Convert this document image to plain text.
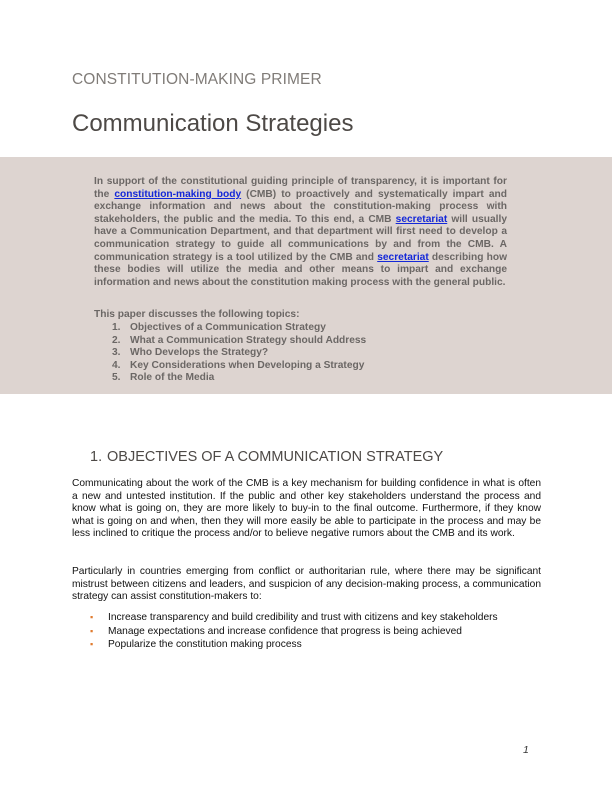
CONSTITUTION-MAKING PRIMER
Communication Strategies

In support of the constitutional guiding principle of transparency, it is important for the constitution-making body (CMB) to proactively and systematically impart and exchange information and news about the constitution-making process with stakeholders, the public and the media. To this end, a CMB secretariat will usually have a Communication Department, and that department will first need to develop a communication strategy to guide all communications by and from the CMB. A communication strategy is a tool utilized by the CMB and secretariat describing how these bodies will utilize the media and other means to impart and exchange information and news about the constitution making process with the general public.

This paper discusses the following topics:
1. Objectives of a Communication Strategy
2. What a Communication Strategy should Address
3. Who Develops the Strategy?
4. Key Considerations when Developing a Strategy
5. Role of the Media
1. OBJECTIVES OF A COMMUNICATION STRATEGY

Communicating about the work of the CMB is a key mechanism for building confidence in what is often a new and untested institution. If the public and other key stakeholders understand the process and know what is going on, they are more likely to buy-in to the final outcome. Furthermore, if they know what is going on and when, then they will more easily be able to participate in the process and may be less inclined to critique the process and/or to believe negative rumors about the CMB and its work.

Particularly in countries emerging from conflict or authoritarian rule, where there may be significant mistrust between citizens and leaders, and suspicion of any decision-making process, a communication strategy can assist constitution-makers to:

▪ Increase transparency and build credibility and trust with citizens and key stakeholders
▪ Manage expectations and increase confidence that progress is being achieved
▪ Popularize the constitution making process
1
